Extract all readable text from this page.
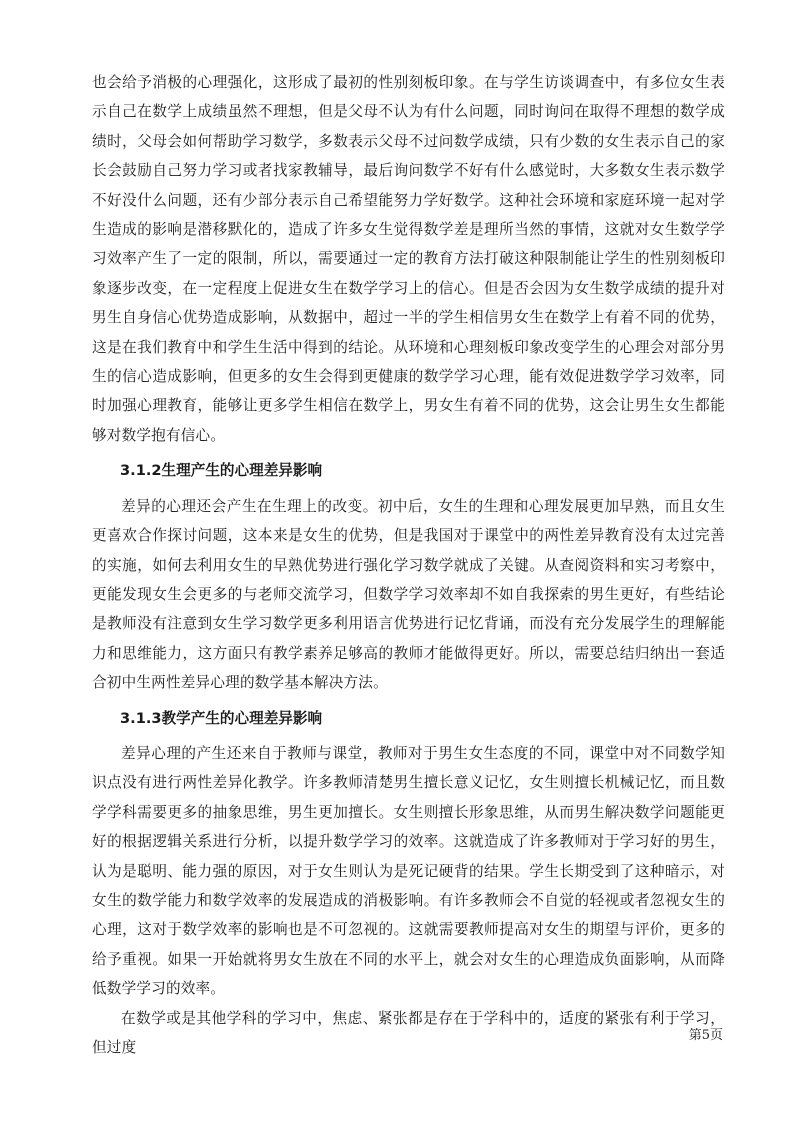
也会给予消极的心理强化，这形成了最初的性别刻板印象。在与学生访谈调查中，有多位女生表示自己在数学上成绩虽然不理想，但是父母不认为有什么问题，同时询问在取得不理想的数学成绩时，父母会如何帮助学习数学，多数表示父母不过问数学成绩，只有少数的女生表示自己的家长会鼓励自己努力学习或者找家教辅导，最后询问数学不好有什么感觉时，大多数女生表示数学不好没什么问题，还有少部分表示自己希望能努力学好数学。这种社会环境和家庭环境一起对学生造成的影响是潜移默化的，造成了许多女生觉得数学差是理所当然的事情，这就对女生数学学习效率产生了一定的限制，所以，需要通过一定的教育方法打破这种限制能让学生的性别刻板印象逐步改变，在一定程度上促进女生在数学学习上的信心。但是否会因为女生数学成绩的提升对男生自身信心优势造成影响，从数据中，超过一半的学生相信男女生在数学上有着不同的优势，这是在我们教育中和学生生活中得到的结论。从环境和心理刻板印象改变学生的心理会对部分男生的信心造成影响，但更多的女生会得到更健康的数学学习心理，能有效促进数学学习效率，同时加强心理教育，能够让更多学生相信在数学上，男女生有着不同的优势，这会让男生女生都能够对数学抱有信心。

3.1.2生理产生的心理差异影响

差异的心理还会产生在生理上的改变。初中后，女生的生理和心理发展更加早熟，而且女生更喜欢合作探讨问题，这本来是女生的优势，但是我国对于课堂中的两性差异教育没有太过完善的实施，如何去利用女生的早熟优势进行强化学习数学就成了关键。从查阅资料和实习考察中，更能发现女生会更多的与老师交流学习，但数学学习效率却不如自我探索的男生更好，有些结论是教师没有注意到女生学习数学更多利用语言优势进行记忆背诵，而没有充分发展学生的理解能力和思维能力，这方面只有教学素养足够高的教师才能做得更好。所以，需要总结归纳出一套适合初中生两性差异心理的数学基本解决方法。

3.1.3教学产生的心理差异影响

差异心理的产生还来自于教师与课堂，教师对于男生女生态度的不同，课堂中对不同数学知识点没有进行两性差异化教学。许多教师清楚男生擅长意义记忆，女生则擅长机械记忆，而且数学学科需要更多的抽象思维，男生更加擅长。女生则擅长形象思维，从而男生解决数学问题能更好的根据逻辑关系进行分析，以提升数学学习的效率。这就造成了许多教师对于学习好的男生，认为是聪明、能力强的原因，对于女生则认为是死记硬背的结果。学生长期受到了这种暗示，对女生的数学能力和数学效率的发展造成的消极影响。有许多教师会不自觉的轻视或者忽视女生的心理，这对于数学效率的影响也是不可忽视的。这就需要教师提高对女生的期望与评价，更多的给予重视。如果一开始就将男女生放在不同的水平上，就会对女生的心理造成负面影响，从而降低数学学习的效率。

在数学或是其他学科的学习中，焦虑、紧张都是存在于学科中的，适度的紧张有利于学习，但过度

第5页
